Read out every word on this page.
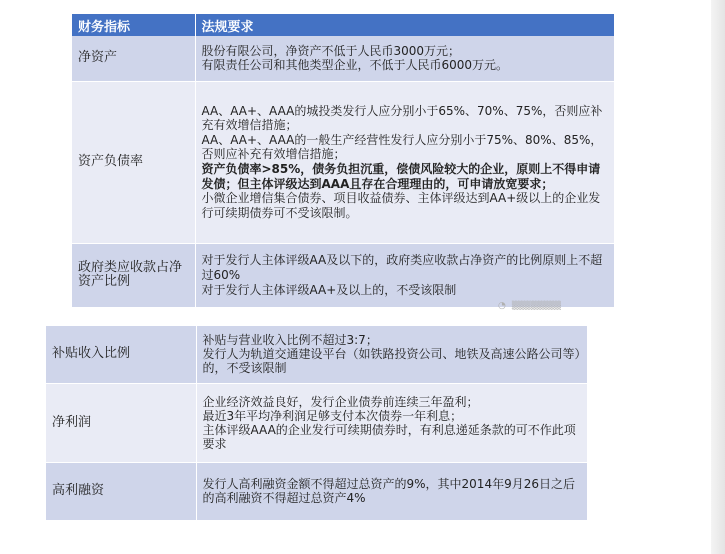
财务指标	法规要求
净资产	股份有限公司，净资产不低于人民币3000万元；
有限责任公司和其他类型企业，不低于人民币6000万元。

资产负债率	AA、AA+、AAA的城投类发行人应分别小于65%、70%、75%，否则应补充有效增信措施；
AA、AA+、AAA的一般生产经营性发行人应分别小于75%、80%、85%，否则应补充有效增信措施；
资产负债率>85%，债务负担沉重，偿债风险较大的企业，原则上不得申请发债；但主体评级达到AAA且存在合理理由的，可申请放宽要求；
小微企业增信集合债券、项目收益债券、主体评级达到AA+级以上的企业发行可续期债券可不受该限制。

政府类应收款占净资产比例	对于发行人主体评级AA及以下的，政府类应收款占净资产的比例原则上不超过60%
对于发行人主体评级AA+及以上的，不受该限制
◔ ▒▒▒▒▒▒▒▒
补贴收入比例	补贴与营业收入比例不超过3:7；
发行人为轨道交通建设平台（如铁路投资公司、地铁及高速公路公司等）的，不受该限制

净利润	企业经济效益良好，发行企业债券前连续三年盈利；
最近3年平均净利润足够支付本次债券一年利息；
主体评级AAA的企业发行可续期债券时，有利息递延条款的可不作此项要求

高利融资	发行人高利融资金额不得超过总资产的9%，其中2014年9月26日之后的高利融资不得超过总资产4%
